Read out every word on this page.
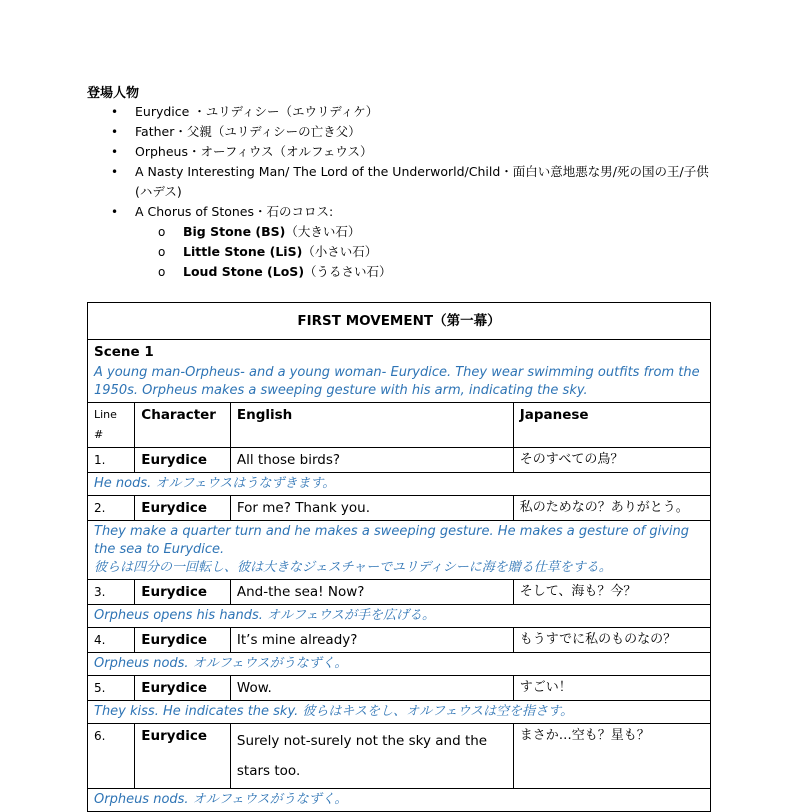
登場人物
• Eurydice ・ユリディシー（エウリディケ）
• Father・父親（ユリディシーの亡き父）
• Orpheus・オーフィウス（オルフェウス）
• A Nasty Interesting Man/ The Lord of the Underworld/Child・面白い意地悪な男/死の国の王/子供 (ハデス)
• A Chorus of Stones・石のコロス:
o Big Stone (BS)（大きい石）
o Little Stone (LiS)（小さい石）
o Loud Stone (LoS)（うるさい石）
FIRST MOVEMENT（第一幕）			
Scene 1			
A young man-Orpheus- and a young woman- Eurydice. They wear swimming outfits from the 1950s. Orpheus makes a sweeping gesture with his arm, indicating the sky.			
Line #	Character	English	Japanese
1.	Eurydice	All those birds?	そのすべての鳥？

He nods. オルフェウスはうなずきます。			

2.	Eurydice	For me? Thank you.	私のためなの？ありがとう。

They make a quarter turn and he makes a sweeping gesture. He makes a gesture of giving the sea to Eurydice.
彼らは四分の一回転し、彼は大きなジェスチャーでユリディシーに海を贈る仕草をする。			

3.	Eurydice	And-the sea! Now?	そして、海も？今？

Orpheus opens his hands. オルフェウスが手を広げる。			

4.	Eurydice	It’s mine already?	もうすでに私のものなの？

Orpheus nods. オルフェウスがうなずく。			

5.	Eurydice	Wow.	すごい！

They kiss. He indicates the sky. 彼らはキスをし、オルフェウスは空を指さす。			

6.	Eurydice	Surely not-surely not the sky and the stars too.	まさか…空も？星も？

Orpheus nods. オルフェウスがうなずく。			
